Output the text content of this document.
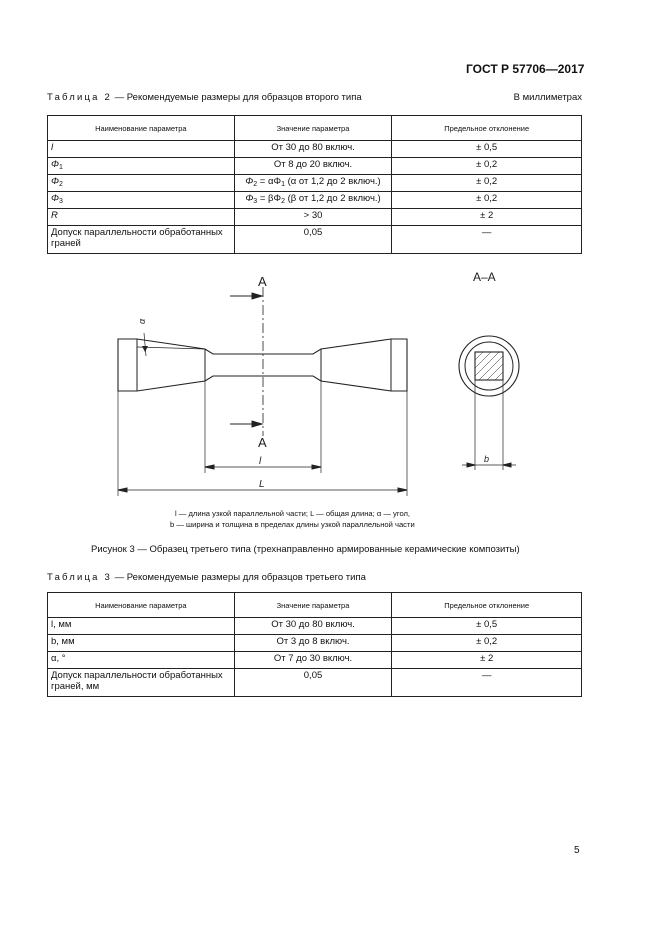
ГОСТ Р 57706—2017
Таблица 2 — Рекомендуемые размеры для образцов второго типа	В миллиметрах
Наименование параметра	Значение параметра	Предельное отклонение
l	От 30 до 80 включ.	± 0,5
$\Phi_1$	От 8 до 20 включ.	± 0,2
$\Phi_2$	$\Phi_2 = \alpha\Phi_1$ (α от 1,2 до 2 включ.)	± 0,2
$\Phi_3$	$\Phi_3 = \beta\Phi_2$ (β от 1,2 до 2 включ.)	± 0,2
R	> 30	± 2
Допуск параллельности обработанных граней	0,05	—
А
А
А–А
α
l
L
b
l — длина узкой параллельной части; L — общая длина; α — угол,
b — ширина и толщина в пределах длины узкой параллельной части
Рисунок 3 — Образец третьего типа (трехнаправленно армированные керамические композиты)
Таблица 3 — Рекомендуемые размеры для образцов третьего типа
Наименование параметра	Значение параметра	Предельное отклонение
l, мм	От 30 до 80 включ.	± 0,5
b, мм	От 3 до 8 включ.	± 0,2
α, °	От 7 до 30 включ.	± 2
Допуск параллельности обработанных граней, мм	0,05	—
5
